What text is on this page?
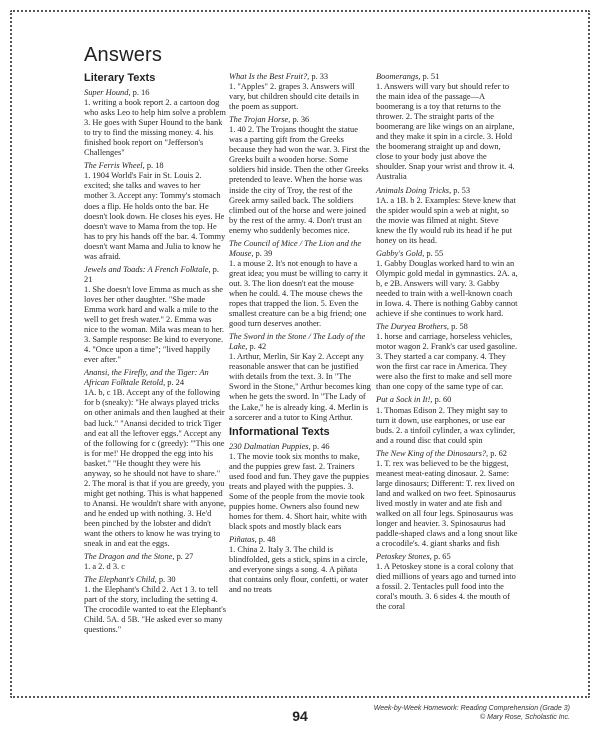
Answers
Literary Texts
Super Hound, p. 16
1. writing a book report 2. a cartoon dog who asks Leo to help him solve a problem 3. He goes with Super Hound to the bank to try to find the missing money. 4. his finished book report on "Jefferson's Challenges"
The Ferris Wheel, p. 18
1. 1904 World's Fair in St. Louis 2. excited; she talks and waves to her mother 3. Accept any: Tommy's stomach does a flip. He holds onto the bar. He doesn't look down. He closes his eyes. He doesn't wave to Mama from the top. He has to pry his hands off the bar. 4. Tommy doesn't want Mama and Julia to know he was afraid.
Jewels and Toads: A French Folktale, p. 21
1. She doesn't love Emma as much as she loves her other daughter. "She made Emma work hard and walk a mile to the well to get fresh water." 2. Emma was nice to the woman. Mila was mean to her. 3. Sample response: Be kind to everyone. 4. "Once upon a time"; "lived happily ever after."
Anansi, the Firefly, and the Tiger: An African Folktale Retold, p. 24
1A. b, c 1B. Accept any of the following for b (sneaky): "He always played tricks on other animals and then laughed at their bad luck." "Anansi decided to trick Tiger and eat all the leftover eggs." Accept any of the following for c (greedy): "'This one is for me!' He dropped the egg into his basket." "He thought they were his anyway, so he should not have to share." 2. The moral is that if you are greedy, you might get nothing. This is what happened to Anansi. He wouldn't share with anyone, and he ended up with nothing. 3. He'd been pinched by the lobster and didn't want the others to know he was trying to sneak in and eat the eggs.
The Dragon and the Stone, p. 27
1. a 2. d 3. c
The Elephant's Child, p. 30
1. the Elephant's Child 2. Act 1 3. to tell part of the story, including the setting 4. The crocodile wanted to eat the Elephant's Child. 5A. d 5B. "He asked ever so many questions."
What Is the Best Fruit?, p. 33
1. "Apples" 2. grapes 3. Answers will vary, but children should cite details in the poem as support.
The Trojan Horse, p. 36
1. 40 2. The Trojans thought the statue was a parting gift from the Greeks because they had won the war. 3. First the Greeks built a wooden horse. Some soldiers hid inside. Then the other Greeks pretended to leave. When the horse was inside the city of Troy, the rest of the Greek army sailed back. The soldiers climbed out of the horse and were joined by the rest of the army. 4. Don't trust an enemy who suddenly becomes nice.
The Council of Mice / The Lion and the Mouse, p. 39
1. a mouse 2. It's not enough to have a great idea; you must be willing to carry it out. 3. The lion doesn't eat the mouse when he could. 4. The mouse chews the ropes that trapped the lion. 5. Even the smallest creature can be a big friend; one good turn deserves another.
The Sword in the Stone / The Lady of the Lake, p. 42
1. Arthur, Merlin, Sir Kay 2. Accept any reasonable answer that can be justified with details from the text. 3. In "The Sword in the Stone," Arthur becomes king when he gets the sword. In "The Lady of the Lake," he is already king. 4. Merlin is a sorcerer and a tutor to King Arthur.
Informational Texts
230 Dalmatian Puppies, p. 46
1. The movie took six months to make, and the puppies grew fast. 2. Trainers used food and fun. They gave the puppies treats and played with the puppies. 3. Some of the people from the movie took puppies home. Owners also found new homes for them. 4. Short hair, white with black spots and mostly black ears
Piñatas, p. 48
1. China 2. Italy 3. The child is blindfolded, gets a stick, spins in a circle, and everyone sings a song. 4. A piñata that contains only flour, confetti, or water and no treats
Boomerangs, p. 51
1. Answers will vary but should refer to the main idea of the passage—A boomerang is a toy that returns to the thrower. 2. The straight parts of the boomerang are like wings on an airplane, and they make it spin in a circle. 3. Hold the boomerang straight up and down, close to your body just above the shoulder. Snap your wrist and throw it. 4. Australia
Animals Doing Tricks, p. 53
1A. a 1B. b 2. Examples: Steve knew that the spider would spin a web at night, so the movie was filmed at night. Steve knew the fly would rub its head if he put honey on its head.
Gabby's Gold, p. 55
1. Gabby Douglas worked hard to win an Olympic gold medal in gymnastics. 2A. a, b, e 2B. Answers will vary. 3. Gabby needed to train with a well-known coach in Iowa. 4. There is nothing Gabby cannot achieve if she continues to work hard.
The Duryea Brothers, p. 58
1. horse and carriage, horseless vehicles, motor wagon 2. Frank's car used gasoline. 3. They started a car company. 4. They won the first car race in America. They were also the first to make and sell more than one copy of the same type of car.
Put a Sock in It!, p. 60
1. Thomas Edison 2. They might say to turn it down, use earphones, or use ear buds. 2. a tinfoil cylinder, a wax cylinder, and a round disc that could spin
The New King of the Dinosaurs?, p. 62
1. T. rex was believed to be the biggest, meanest meat-eating dinosaur. 2. Same: large dinosaurs; Different: T. rex lived on land and walked on two feet. Spinosaurus lived mostly in water and ate fish and walked on all four legs. Spinosaurus was longer and heavier. 3. Spinosaurus had paddle-shaped claws and a long snout like a crocodile's. 4. giant sharks and fish
Petoskey Stones, p. 65
1. A Petoskey stone is a coral colony that died millions of years ago and turned into a fossil. 2. Tentacles pull food into the coral's mouth. 3. 6 sides 4. the mouth of the coral
94	Week-by-Week Homework: Reading Comprehension (Grade 3)
© Mary Rose, Scholastic Inc.
